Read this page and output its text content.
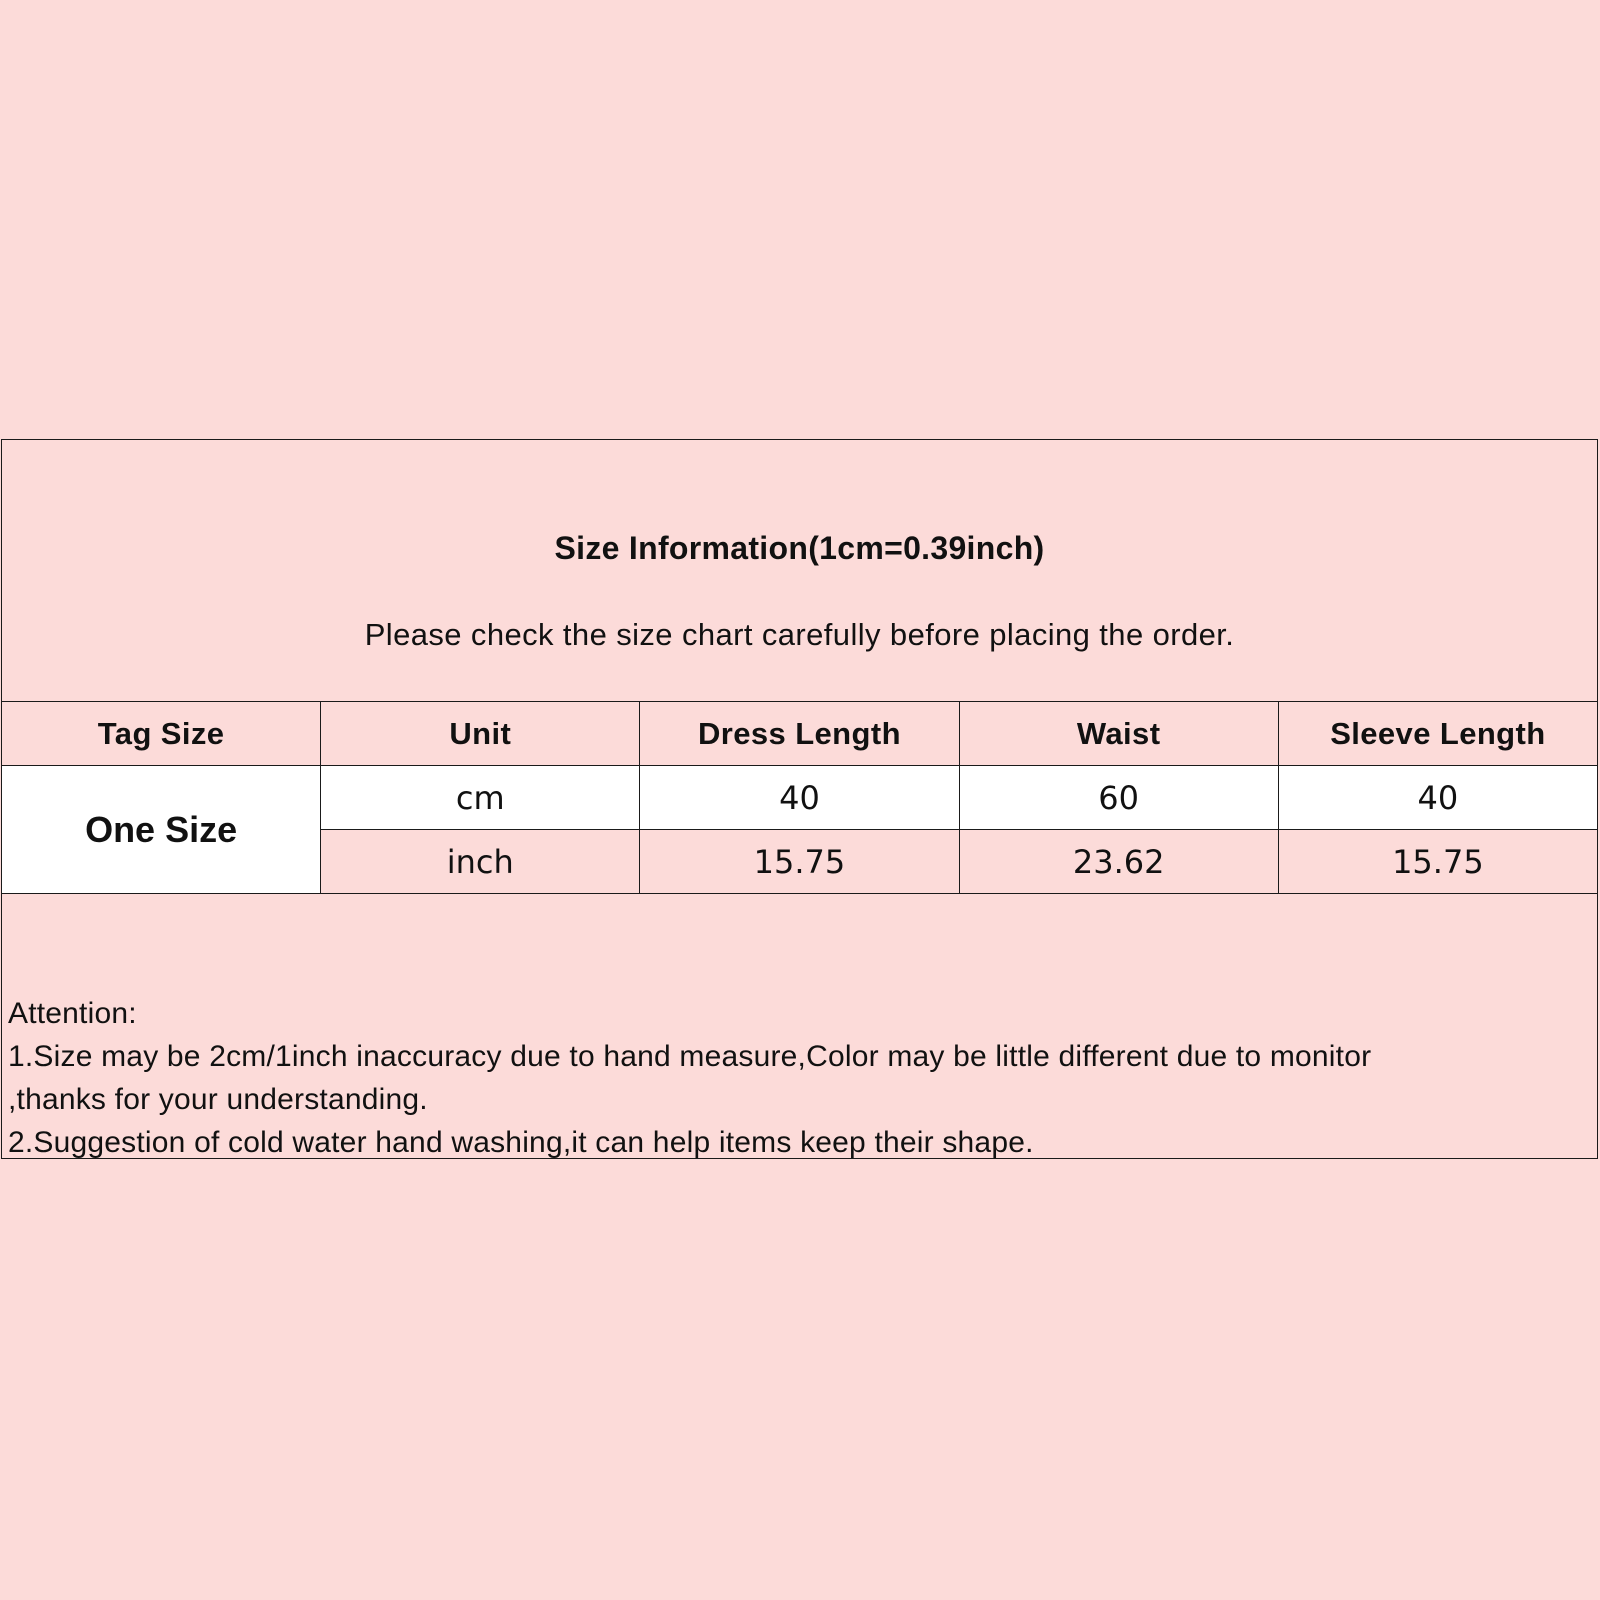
Size Information(1cm=0.39inch)
Please check the size chart carefully before placing the order.
Tag Size	Unit	Dress Length	Waist	Sleeve Length
One Size	cm	40	60	40
	inch	15.75	23.62	15.75
Attention:
1.Size may be 2cm/1inch inaccuracy due to hand measure,Color may be little different due to monitor
,thanks for your understanding.
2.Suggestion of cold water hand washing,it can help items keep their shape.
